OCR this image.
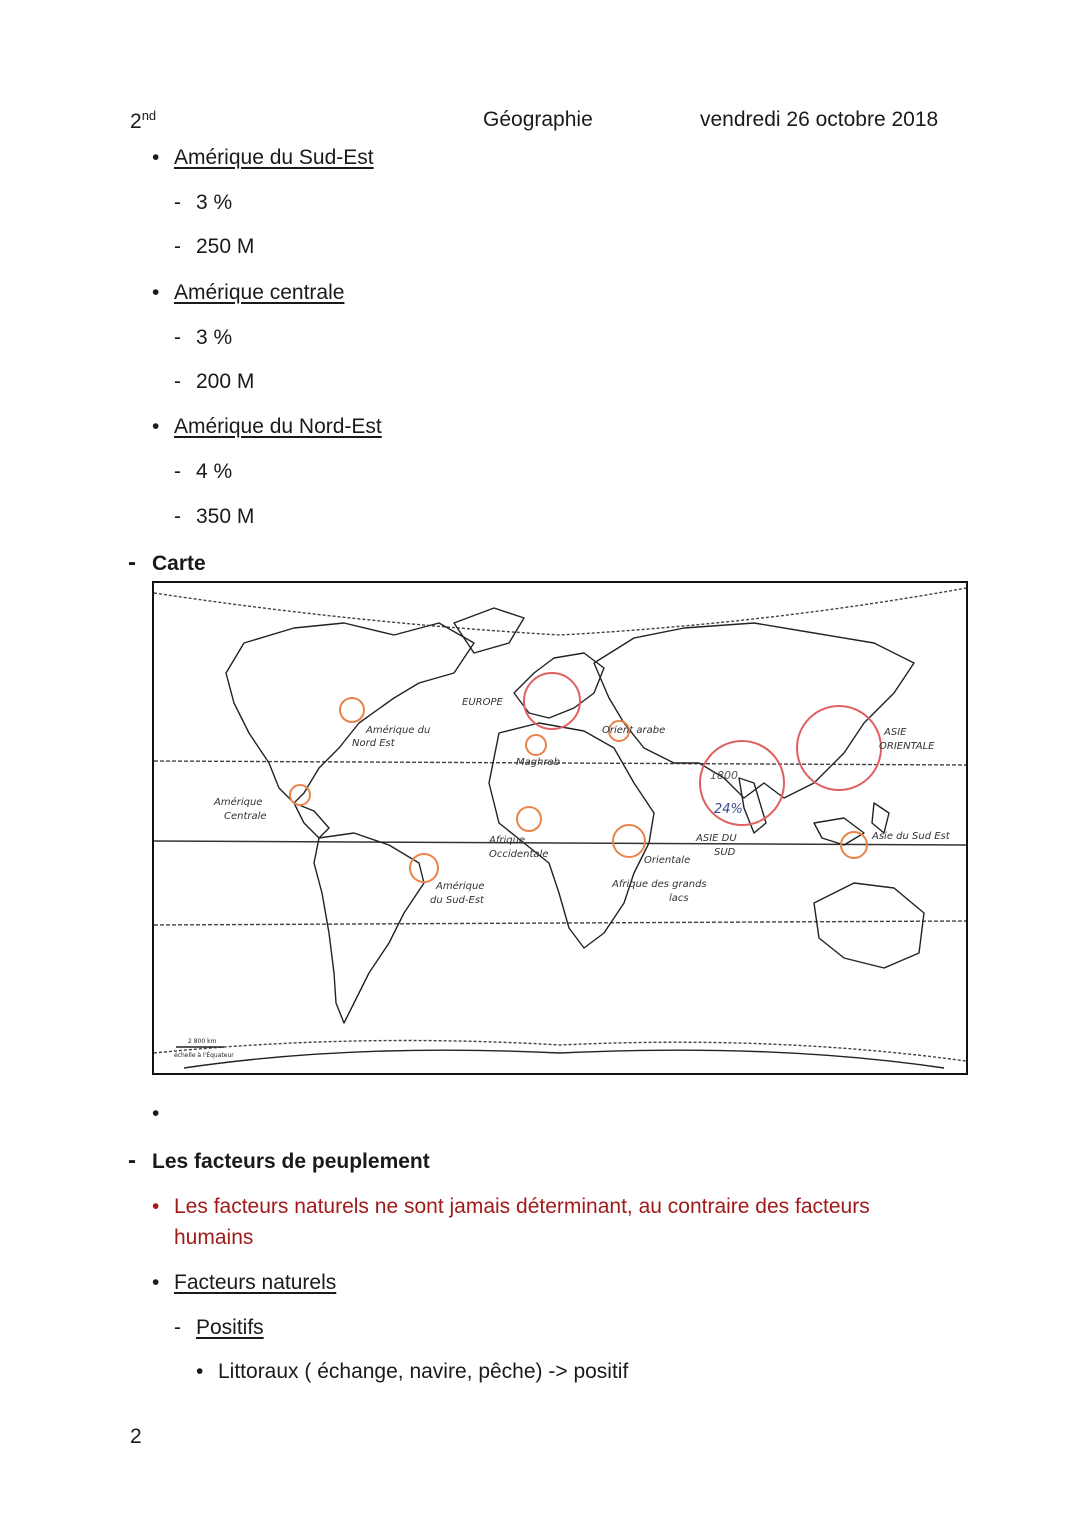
2nd	Géographie	vendredi 26 octobre 2018
• Amérique du Sud-Est
- 3 %
- 250 M
• Amérique centrale
- 3 %
- 200 M
• Amérique du Nord-Est
- 4 %
- 350 M
- Carte
EUROPE
ASIE
ORIENTALE
Amérique du
Nord Est
Amérique
Centrale
Maghreb
Orient arabe
Afrique
Occidentale
Orientale
Afrique des grands
lacs
ASIE DU
SUD
1800
24%
Asie du Sud Est
Amérique
du Sud-Est
2 800 km
échelle à l'Équateur
•
- Les facteurs de peuplement
• Les facteurs naturels ne sont jamais déterminant, au contraire des facteurs
humains
• Facteurs naturels
- Positifs
• Littoraux ( échange, navire, pêche) -> positif
2
